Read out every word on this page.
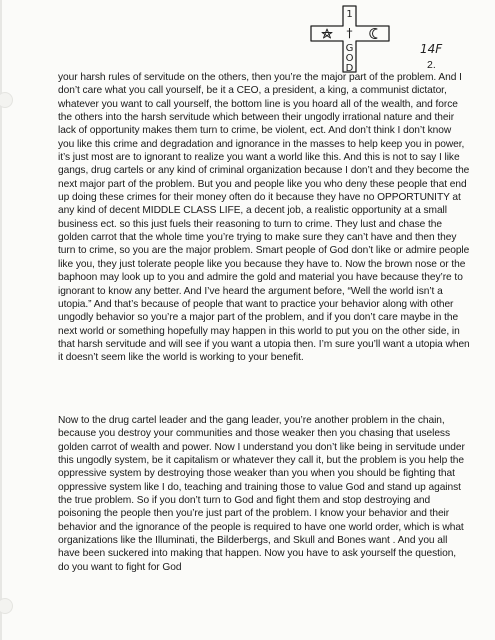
1
†
G
O
D
14F
2.

your harsh rules of servitude on the others, then you’re the major part of the problem. And I don’t care what you call yourself, be it a CEO, a president, a king, a communist dictator, whatever you want to call yourself, the bottom line is you hoard all of the wealth, and force the others into the harsh servitude which between their ungodly irrational nature and their lack of opportunity makes them turn to crime, be violent, ect. And don’t think I don’t know you like this crime and degradation and ignorance in the masses to help keep you in power, it’s just most are to ignorant to realize you want a world like this. And this is not to say I like gangs, drug cartels or any kind of criminal organization because I don’t and they become the next major part of the problem. But you and people like you who deny these people that end up doing these crimes for their money often do it because they have no OPPORTUNITY at any kind of decent MIDDLE CLASS LIFE, a decent job, a realistic opportunity at a small business ect. so this just fuels their reasoning to turn to crime. They lust and chase the golden carrot that the whole time you’re trying to make sure they can’t have and then they turn to crime, so you are the major problem. Smart people of God don’t like or admire people like you, they just tolerate people like you because they have to. Now the brown nose or the baphoon may look up to you and admire the gold and material you have because they’re to ignorant to know any better. And I’ve heard the argument before, “Well the world isn’t a utopia.” And that’s because of people that want to practice your behavior along with other ungodly behavior so you’re a major part of the problem, and if you don’t care maybe in the next world or something hopefully may happen in this world to put you on the other side, in that harsh servitude and will see if you want a utopia then. I’m sure you’ll want a utopia when it doesn’t seem like the world is working to your benefit.

Now to the drug cartel leader and the gang leader, you’re another problem in the chain, because you destroy your communities and those weaker then you chasing that useless golden carrot of wealth and power. Now I understand you don’t like being in servitude under this ungodly system, be it capitalism or whatever they call it, but the problem is you help the oppressive system by destroying those weaker than you when you should be fighting that oppressive system like I do, teaching and training those to value God and stand up against the true problem. So if you don’t turn to God and fight them and stop destroying and poisoning the people then you’re just part of the problem. I know your behavior and their behavior and the ignorance of the people is required to have one world order, which is what organizations like the Illuminati, the Bilderbergs, and Skull and Bones want . And you all have been suckered into making that happen. Now you have to ask yourself the question, do you want to fight for God
